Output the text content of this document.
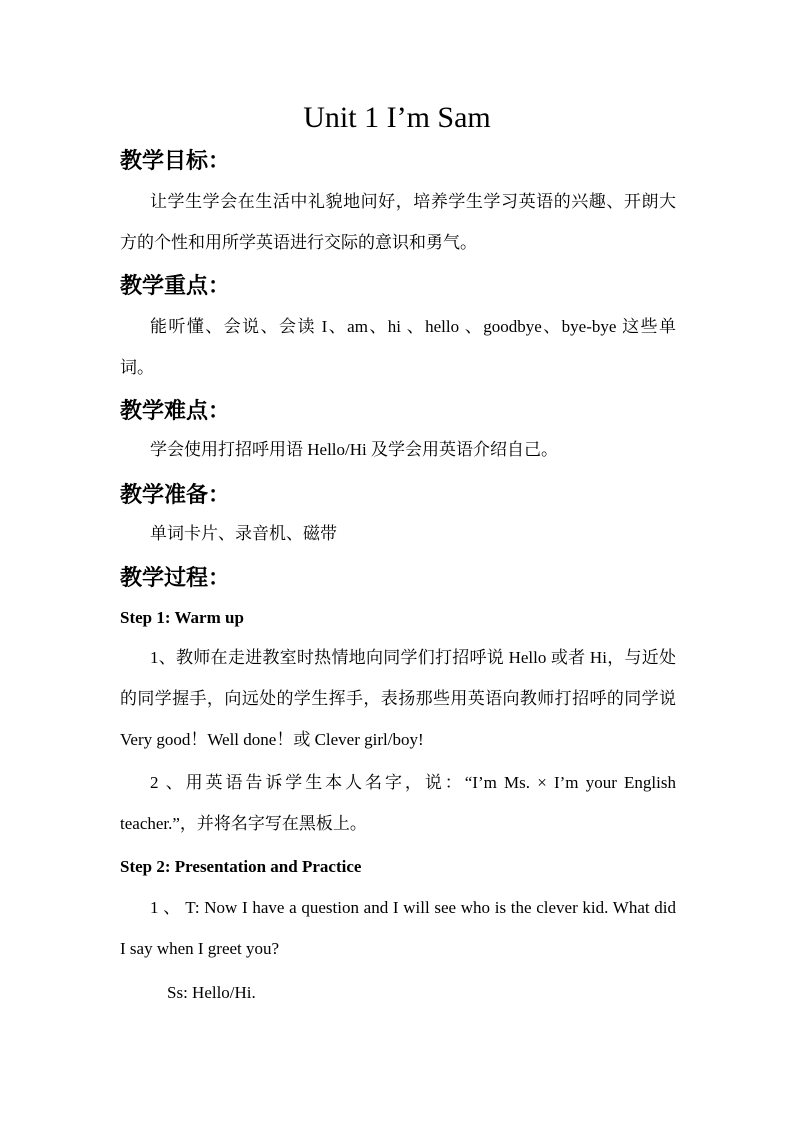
Unit 1 I’m Sam
教学目标：
让学生学会在生活中礼貌地问好，培养学生学习英语的兴趣、开朗大方的个性和用所学英语进行交际的意识和勇气。
教学重点：
能听懂、会说、会读 I、am、hi 、hello 、goodbye、bye-bye 这些单词。
教学难点：
学会使用打招呼用语 Hello/Hi 及学会用英语介绍自己。
教学准备：
单词卡片、录音机、磁带
教学过程：
Step 1: Warm up
1、教师在走进教室时热情地向同学们打招呼说 Hello 或者 Hi，与近处的同学握手，向远处的学生挥手，表扬那些用英语向教师打招呼的同学说 Very good！Well done！或 Clever girl/boy!
2 、用英语告诉学生本人名字，说：“I’m Ms. × I’m your English teacher.”，并将名字写在黑板上。
Step 2: Presentation and Practice
1 、 T: Now I have a question and I will see who is the clever kid. What did I say when I greet you?
Ss: Hello/Hi.
